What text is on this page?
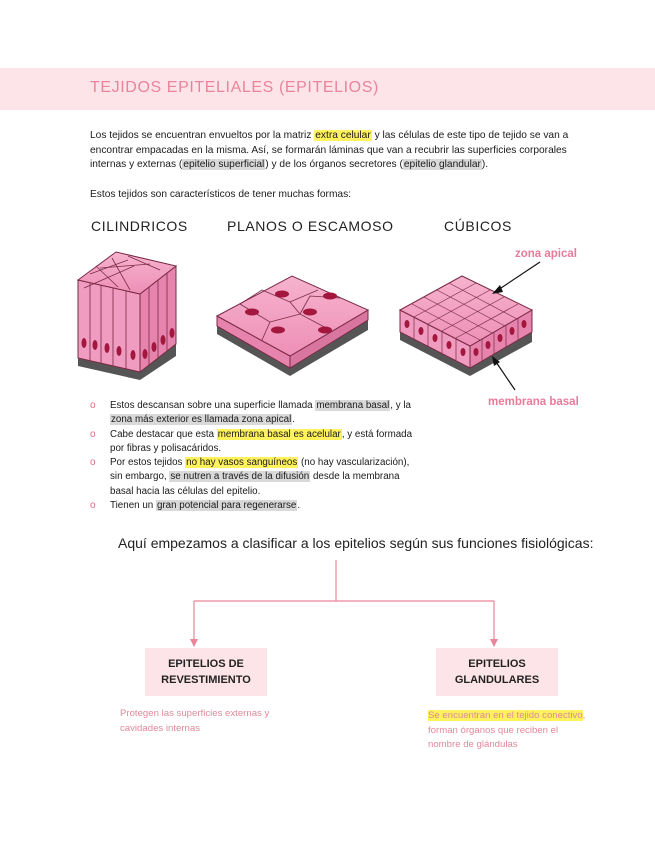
TEJIDOS EPITELIALES (EPITELIOS)

Los tejidos se encuentran envueltos por la matriz extra celular y las células de este tipo de tejido se van a encontrar empacadas en la misma. Así, se formarán láminas que van a recubrir las superficies corporales internas y externas (epitelio superficial) y de los órganos secretores (epitelio glandular).

Estos tejidos son característicos de tener muchas formas:

CILINDRICOS	PLANOS O ESCAMOSO	CÚBICOS
zona apical
membrana basal
o Estos descansan sobre una superficie llamada membrana basal, y la zona más exterior es llamada zona apical.
o Cabe destacar que esta membrana basal es acelular, y está formada por fibras y polisacáridos.
o Por estos tejidos no hay vasos sanguíneos (no hay vascularización), sin embargo, se nutren a través de la difusión desde la membrana basal hacia las células del epitelio.
o Tienen un gran potencial para regenerarse.
Aquí empezamos a clasificar a los epitelios según sus funciones fisiológicas:
EPITELIOS DE
REVESTIMIENTO
EPITELIOS
GLANDULARES
Protegen las superficies externas y cavidades internas
Se encuentran en el tejido conectivo, forman órganos que reciben el nombre de glándulas
